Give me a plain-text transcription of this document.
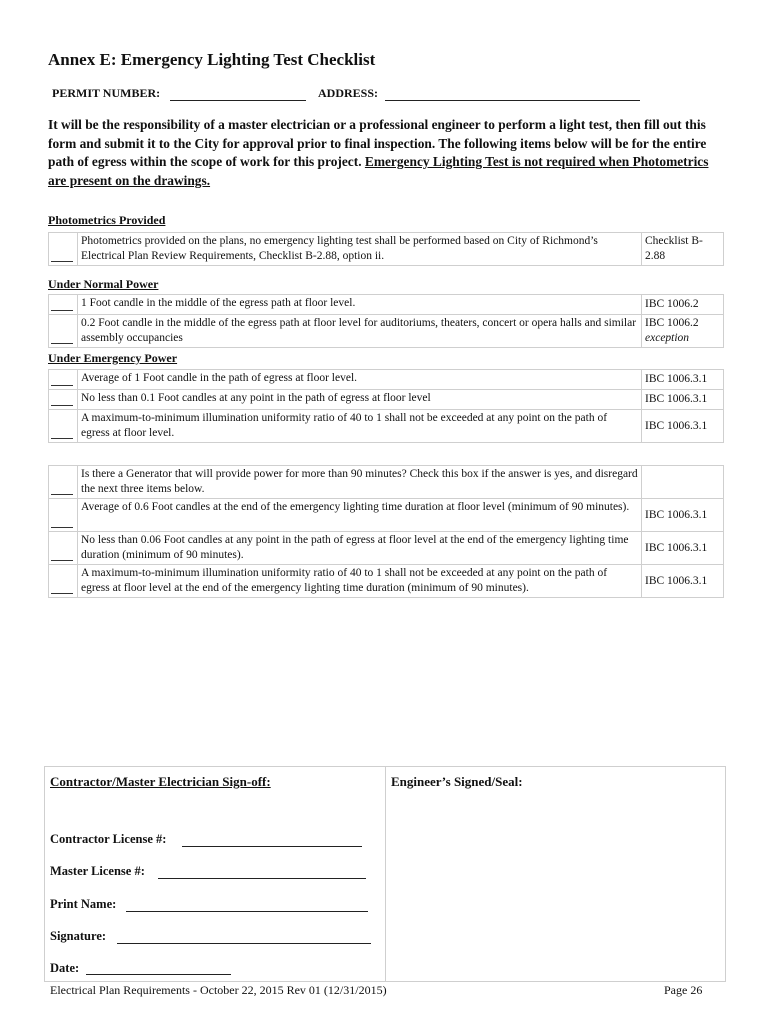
Annex E: Emergency Lighting Test Checklist
PERMIT NUMBER:	ADDRESS:
It will be the responsibility of a master electrician or a professional engineer to perform a light test, then fill out this form and submit it to the City for approval prior to final inspection. The following items below will be for the entire path of egress within the scope of work for this project. Emergency Lighting Test is not required when Photometrics are present on the drawings.
Photometrics Provided
	Photometrics provided on the plans, no emergency lighting test shall be performed based on City of Richmond’s Electrical Plan Review Requirements, Checklist B-2.88, option ii.	Checklist B-2.88
Under Normal Power
	1 Foot candle in the middle of the egress path at floor level.	IBC 1006.2

	0.2 Foot candle in the middle of the egress path at floor level for auditoriums, theaters, concert or opera halls and similar assembly occupancies	IBC 1006.2
exception
Under Emergency Power
	Average of 1 Foot candle in the path of egress at floor level.	IBC 1006.3.1

	No less than 0.1 Foot candles at any point in the path of egress at floor level	IBC 1006.3.1

	A maximum-to-minimum illumination uniformity ratio of 40 to 1 shall not be exceeded at any point on the path of egress at floor level.	IBC 1006.3.1
	Is there a Generator that will provide power for more than 90 minutes? Check this box if the answer is yes, and disregard the next three items below.	

	Average of 0.6 Foot candles at the end of the emergency lighting time duration at floor level (minimum of 90 minutes).	IBC 1006.3.1

	No less than 0.06 Foot candles at any point in the path of egress at floor level at the end of the emergency lighting time duration (minimum of 90 minutes).	IBC 1006.3.1

	A maximum-to-minimum illumination uniformity ratio of 40 to 1 shall not be exceeded at any point on the path of egress at floor level at the end of the emergency lighting time duration (minimum of 90 minutes).	IBC 1006.3.1
Contractor/Master Electrician Sign-off:	Engineer’s Signed/Seal:
Contractor License #:
Master License #:
Print Name:
Signature:
Date:
Electrical Plan Requirements - October 22, 2015 Rev 01 (12/31/2015)	Page 26
